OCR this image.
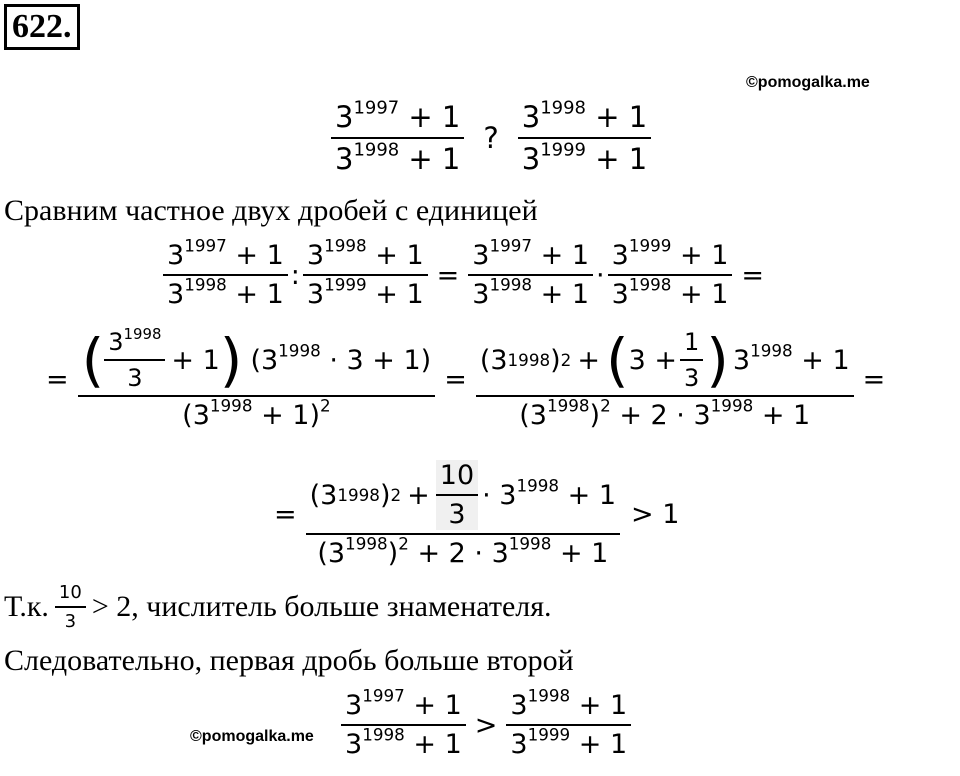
622.
©pomogalka.me
$\frac{3^{1997} + 1}{3^{1998} + 1}$ ? $\frac{3^{1998} + 1}{3^{1999} + 1}$
Сравним частное двух дробей с единицей
$\frac{3^{1997} + 1}{3^{1998} + 1}$ : $\frac{3^{1998} + 1}{3^{1999} + 1} = \frac{3^{1997} + 1}{3^{1998} + 1} \cdot \frac{3^{1999} + 1}{3^{1998} + 1}$ =
= $\frac{( \frac{3^{1998}}{3} + 1 ) (3^{1998} \cdot 3 + 1)}{(3^{1998} + 1)^2}$ =
(3 1998 ) 2 + ( $3 + \frac{1}{3}$ ) $3^{1998} + 1$
$(3^{1998})^2 + 2 \cdot 3^{1998} + 1$
=
= $\frac{(3 1998 ) 2 + \frac{10}{3} \cdot 3^{1998} + 1}{(3^{1998})^2 + 2 \cdot 3^{1998} + 1} > 1$
Т.к. $\frac{10}{3} > 2$, числитель больше знаменателя.
Следовательно, первая дробь больше второй
©pomogalka.me $\frac{3^{1997} + 1}{3^{1998} + 1} > \frac{3^{1998} + 1}{3^{1999} + 1}$
